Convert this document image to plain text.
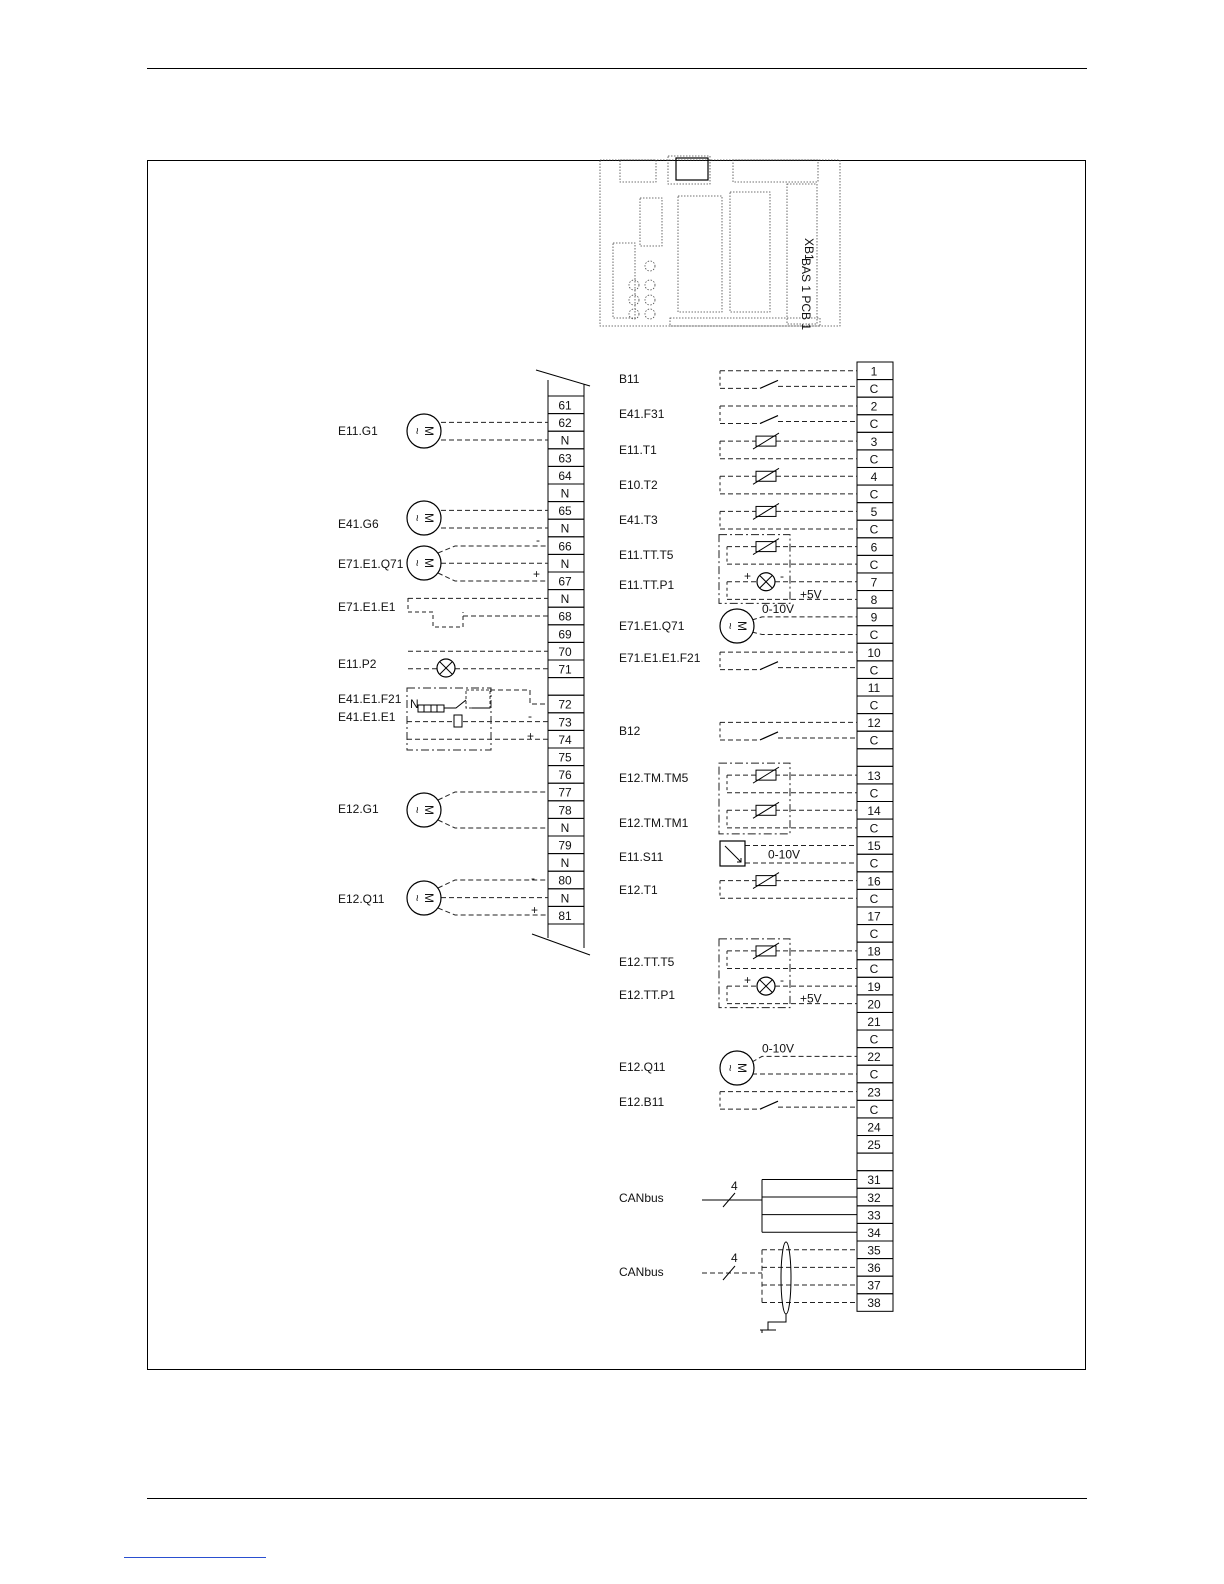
XB1
BAS 1 PCB 1
61
62
N
63
64
N
65
N
66
N
67
N
68
69
70
71
72
73
74
75
76
77
78
N
79
N
80
N
81
1
C
2
C
3
C
4
C
5
C
6
C
7
8
9
C
10
C
11
C
12
C
13
C
14
C
15
C
16
C
17
C
18
C
19
20
21
C
22
C
23
C
24
25
31
32
33
34
35
36
37
38
~
M
~
M
~
M
~
M
~
M
~
M
~
M
-
+
N
-
+
-
+
E11.G1
E41.G6
E71.E1.Q71
E71.E1.E1
E11.P2
E41.E1.F21
E41.E1.E1
E12.G1
E12.Q11
+ -
+5V
+ -
+5V
0-10V
0-10V
0-10V
4
4
B11
E41.F31
E11.T1
E10.T2
E41.T3
E11.TT.T5
E11.TT.P1
E71.E1.Q71
E71.E1.E1.F21
B12
E12.TM.TM5
E12.TM.TM1
E11.S11
E12.T1
E12.TT.T5
E12.TT.P1
E12.Q11
E12.B11
CANbus
CANbus
